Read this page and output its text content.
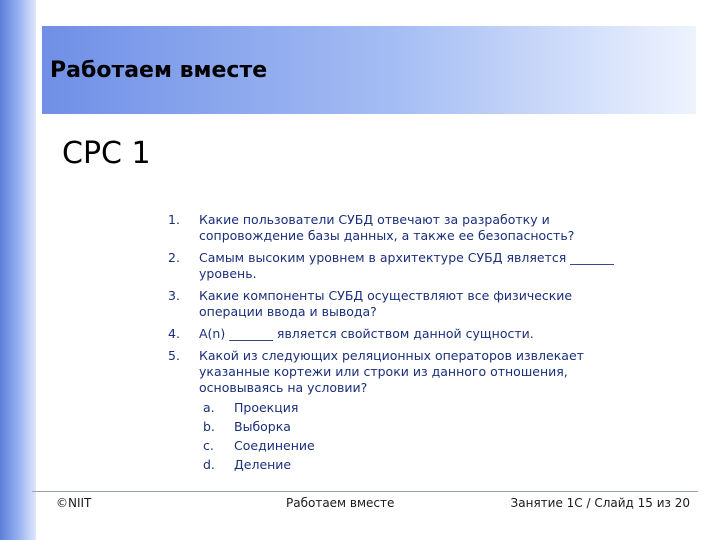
Работаем вместе
СРС 1
1. Какие пользователи СУБД отвечают за разработку и сопровождение базы данных, а также ее безопасность?
2. Самым высоким уровнем в архитектуре СУБД является _______ уровень.
3. Какие компоненты СУБД осуществляют все физические операции ввода и вывода?
4. A(n) _______ является свойством данной сущности.
5. Какой из следующих реляционных операторов извлекает указанные кортежи или строки из данного отношения, основываясь на условии?
a. Проекция
b. Выборка
c. Соединение
d. Деление
©NIIT	Работаем вместе	Занятие 1C / Слайд 15 из 20
